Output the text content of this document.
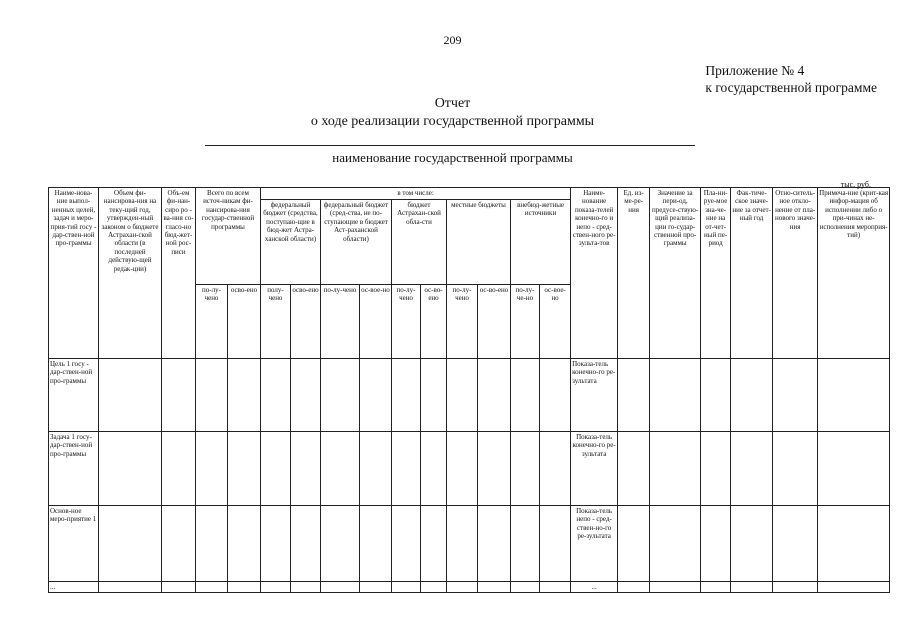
209
Приложение № 4
к государственной программе
Отчет
о ходе реализации государственной программы
наименование государственной программы
тыс. руб.
Наиме-нова-ние выпол-ненных целей, задач и меро-прия-тий госу - дар-ствен-ной про-граммы	Объем фи-нансирова-ния на теку-щий год, утвержден-ный законом о бюджете Астрахан-ской области (в последней действую-щей редак-ции)	Объ-ем фи-нан-сиро ро - ва-ния со-гласо-но бюд-жет-ной рос-писи	Всего по всем источ-никам фи-нансирова-ния государ-ственной программы		в том числе:										Наиме-нование показа-телей конечно-го и непо - сред-ствен-ного ре-зульта-тов	Ед. из-ме-ре-ния	Значение за пери-од, предусе-ствую-щий реализа-ции го-судар-ственной про-граммы	Пла-ни-руе-мое зна-че-ние на от-чет-ный пе-риод	Фак-тиче-ское значе-ние за отчет-ный год	Отно-ситель-ное откло-нение от пла-нового значе-ния	Примеча-ние (крит-кая инфор-мация об исполнении либо о при-чинах не-исполнения мероприя-тий)
					федеральный бюджет (средства, поступаю-щие в бюд-жет Астра-ханской области)		федеральный бюджет (сред-ства, не по-ступающие в бюджет Аст-раханской области)		бюджет Астрахан-ской обла-сти		местные бюджеты		внебюд-жетные источники								
			по-лу-чено	осво-ено	полу-чено	осво-ено	по-лу-чено	ос-вое-но	по-лу-чено	ос-во-ено	по-лу-чено	ос-во-ено	по-лу-че-но	ос-вое-но							
Цель 1 госу - дар-ствен-ной про-граммы															Показа-тель конечно-го ре-зультата						
Задача 1 госу-дар-ствен-ной про-граммы															Показа-тель конечно-го ре-зультата						
Основ-ное меро-приятие 1															Показа-тель непо - сред-ствен-но-го ре-зультата						
...															...						
